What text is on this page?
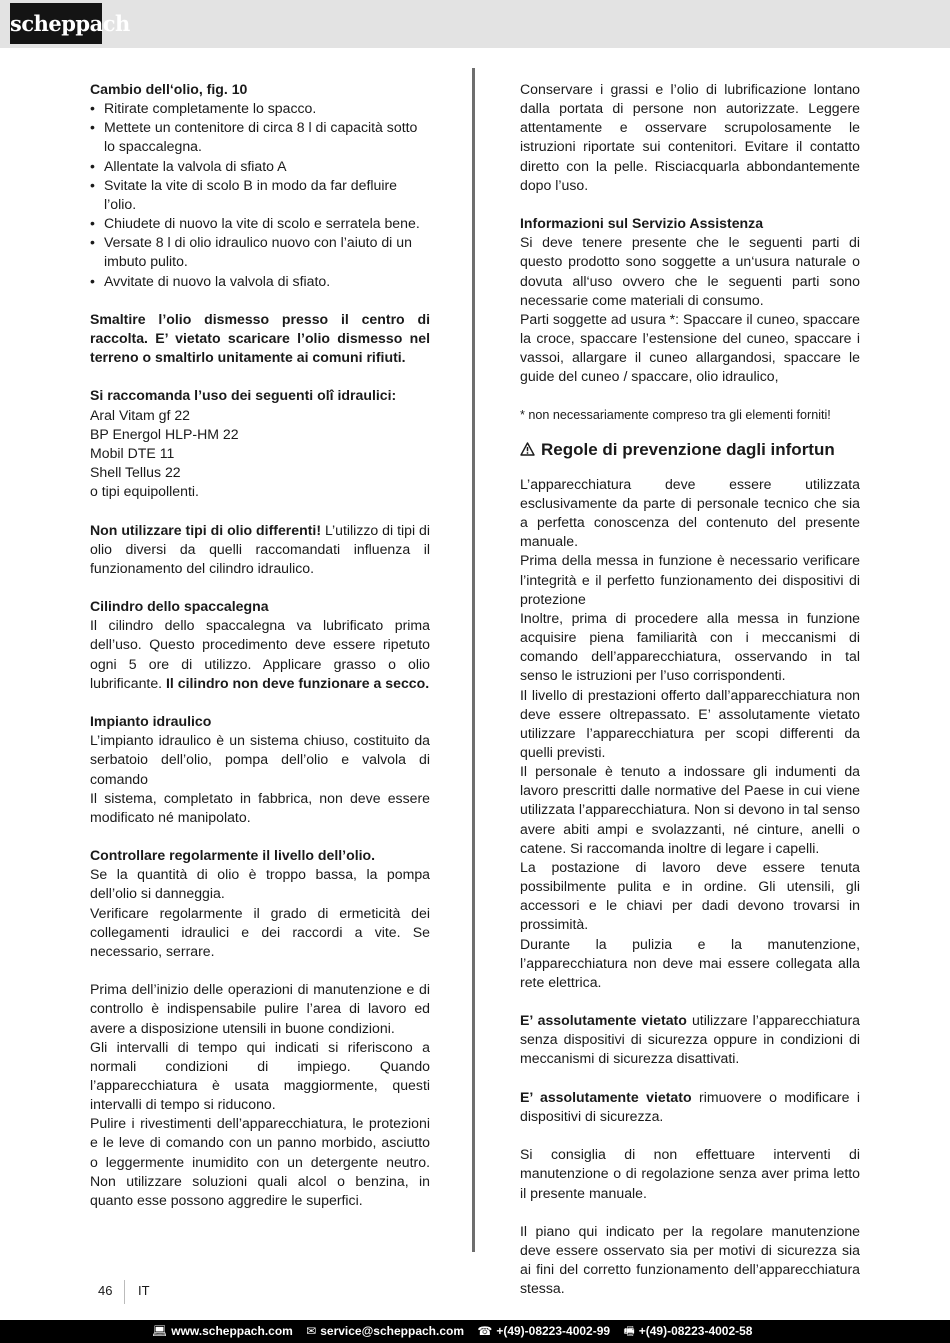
scheppach

Cambio dell‘olio, fig. 10

• Ritirate completamente lo spacco.
• Mettete un contenitore di circa 8 l di capacità sotto lo spaccalegna.
• Allentate la valvola di sfiato A
• Svitate la vite di scolo B in modo da far defluire l’olio.
• Chiudete di nuovo la vite di scolo e serratela bene.
• Versate 8 l di olio idraulico nuovo con l’aiuto di un imbuto pulito.
• Avvitate di nuovo la valvola di sfiato.

Smaltire l’olio dismesso presso il centro di raccolta. E’ vietato scaricare l’olio dismesso nel terreno o smaltirlo unitamente ai comuni rifiuti.

Si raccomanda l’uso dei seguenti olî idraulici:

Aral Vitam gf 22

BP Energol HLP-HM 22

Mobil DTE 11

Shell Tellus 22

o tipi equipollenti.

Non utilizzare tipi di olio differenti! L’utilizzo di tipi di olio diversi da quelli raccomandati influenza il funzionamento del cilindro idraulico.

Cilindro dello spaccalegna

Il cilindro dello spaccalegna va lubrificato prima dell’uso. Questo procedimento deve essere ripetuto ogni 5 ore di utilizzo. Applicare grasso o olio lubrificante. Il cilindro non deve funzionare a secco.

Impianto idraulico

L’impianto idraulico è un sistema chiuso, costituito da serbatoio dell’olio, pompa dell’olio e valvola di comando

Il sistema, completato in fabbrica, non deve essere modificato né manipolato.

Controllare regolarmente il livello dell’olio.

Se la quantità di olio è troppo bassa, la pompa dell’olio si danneggia.

Verificare regolarmente il grado di ermeticità dei collegamenti idraulici e dei raccordi a vite. Se necessario, serrare.

Prima dell’inizio delle operazioni di manutenzione e di controllo è indispensabile pulire l’area di lavoro ed avere a disposizione utensili in buone condizioni.

Gli intervalli di tempo qui indicati si riferiscono a normali condizioni di impiego. Quando l’apparecchiatura è usata maggiormente, questi intervalli di tempo si riducono.

Pulire i rivestimenti dell’apparecchiatura, le protezioni e le leve di comando con un panno morbido, asciutto o leggermente inumidito con un detergente neutro. Non utilizzare soluzioni quali alcol o benzina, in quanto esse possono aggredire le superfici.

Conservare i grassi e l’olio di lubrificazione lontano dalla portata di persone non autorizzate. Leggere attentamente e osservare scrupolosamente le istruzioni riportate sui contenitori. Evitare il contatto diretto con la pelle. Risciacquarla abbondantemente dopo l’uso.

Informazioni sul Servizio Assistenza

Si deve tenere presente che le seguenti parti di questo prodotto sono soggette a un‘usura naturale o dovuta all‘uso ovvero che le seguenti parti sono necessarie come materiali di consumo.

Parti soggette ad usura *: Spaccare il cuneo, spaccare la croce, spaccare l’estensione del cuneo, spaccare i vassoi, allargare il cuneo allargandosi, spaccare le guide del cuneo / spaccare, olio idraulico,

* non necessariamente compreso tra gli elementi forniti!

Regole di prevenzione dagli infortun

L’apparecchiatura deve essere utilizzata esclusivamente da parte di personale tecnico che sia a perfetta conoscenza del contenuto del presente manuale.

Prima della messa in funzione è necessario verificare l’integrità e il perfetto funzionamento dei dispositivi di protezione

Inoltre, prima di procedere alla messa in funzione acquisire piena familiarità con i meccanismi di comando dell’apparecchiatura, osservando in tal senso le istruzioni per l’uso corrispondenti.

Il livello di prestazioni offerto dall’apparecchiatura non deve essere oltrepassato. E’ assolutamente vietato utilizzare l’apparecchiatura per scopi differenti da quelli previsti.

Il personale è tenuto a indossare gli indumenti da lavoro prescritti dalle normative del Paese in cui viene utilizzata l’apparecchiatura. Non si devono in tal senso avere abiti ampi e svolazzanti, né cinture, anelli o catene. Si raccomanda inoltre di legare i capelli.

La postazione di lavoro deve essere tenuta possibilmente pulita e in ordine. Gli utensili, gli accessori e le chiavi per dadi devono trovarsi in prossimità.

Durante la pulizia e la manutenzione, l’apparecchiatura non deve mai essere collegata alla rete elettrica.

E’ assolutamente vietato utilizzare l’apparecchiatura senza dispositivi di sicurezza oppure in condizioni di meccanismi di sicurezza disattivati.

E’ assolutamente vietato rimuovere o modificare i dispositivi di sicurezza.

Si consiglia di non effettuare interventi di manutenzione o di regolazione senza aver prima letto il presente manuale.

Il piano qui indicato per la regolare manutenzione deve essere osservato sia per motivi di sicurezza sia ai fini del corretto funzionamento dell’apparecchiatura stessa.

46 IT
💻︎ www.scheppach.com ✉ service@scheppach.com ☎ +(49)-08223-4002-99 🖷︎ +(49)-08223-4002-58
